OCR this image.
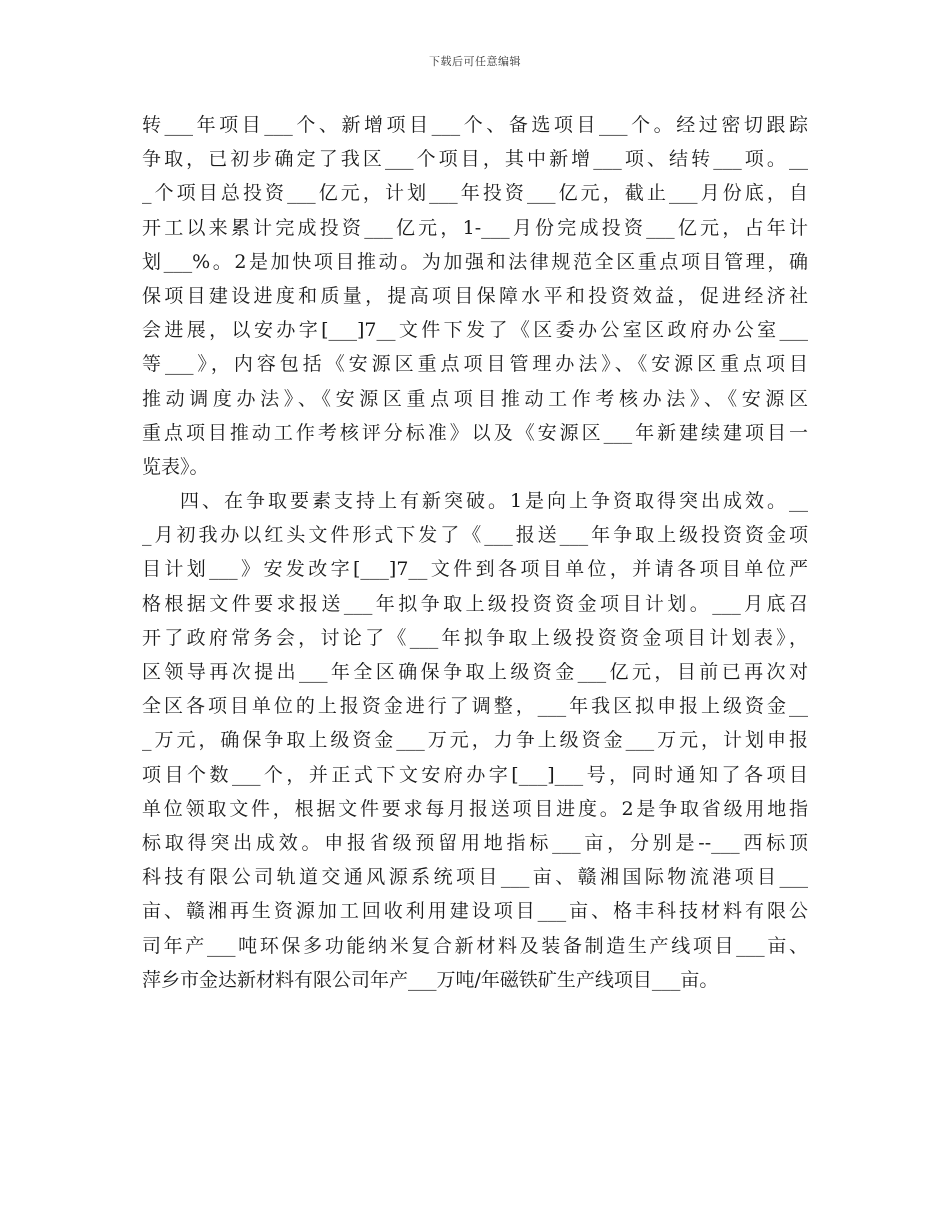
下载后可任意编辑
转___年项目___个、新增项目___个、备选项目___个。经过密切跟踪
争取，已初步确定了我区___个项目，其中新增___项、结转___项。__
_个项目总投资___亿元，计划___年投资___亿元，截止___月份底，自
开工以来累计完成投资___亿元，1-___月份完成投资___亿元，占年计
划___%。2是加快项目推动。为加强和法律规范全区重点项目管理，确
保项目建设进度和质量，提高项目保障水平和投资效益，促进经济社
会进展，以安办字[___]7__文件下发了《区委办公室区政府办公室___
等___》，内容包括《安源区重点项目管理办法》、《安源区重点项目
推动调度办法》、《安源区重点项目推动工作考核办法》、《安源区
重点项目推动工作考核评分标准》以及《安源区___年新建续建项目一
览表》。
四、在争取要素支持上有新突破。1是向上争资取得突出成效。__
_月初我办以红头文件形式下发了《___报送___年争取上级投资资金项
目计划___》安发改字[___]7__文件到各项目单位，并请各项目单位严
格根据文件要求报送___年拟争取上级投资资金项目计划。___月底召
开了政府常务会，讨论了《___年拟争取上级投资资金项目计划表》，
区领导再次提出___年全区确保争取上级资金___亿元，目前已再次对
全区各项目单位的上报资金进行了调整，___年我区拟申报上级资金__
_万元，确保争取上级资金___万元，力争上级资金___万元，计划申报
项目个数___个，并正式下文安府办字[___]___号，同时通知了各项目
单位领取文件，根据文件要求每月报送项目进度。2是争取省级用地指
标取得突出成效。申报省级预留用地指标___亩，分别是--___西标顶
科技有限公司轨道交通风源系统项目___亩、赣湘国际物流港项目___
亩、赣湘再生资源加工回收利用建设项目___亩、格丰科技材料有限公
司年产___吨环保多功能纳米复合新材料及装备制造生产线项目___亩、
萍乡市金达新材料有限公司年产___万吨/年磁铁矿生产线项目___亩。
